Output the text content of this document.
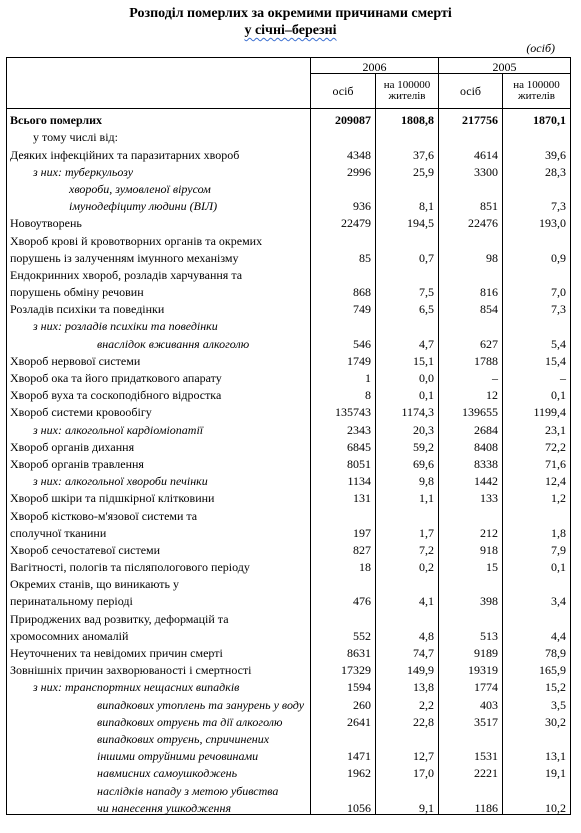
Розподіл померлих за окремими причинами смерті
у січні–березні
(осіб)
	2006		2005	
	осіб	на 100000 жителів	осіб	на 100000 жителів
Всього померлих	209087	1808,8	217756	1870,1
у тому числі від:				
Деяких інфекційних та паразитарних хвороб	4348	37,6	4614	39,6
з них: туберкульозу	2996	25,9	3300	28,3
хвороби, зумовленої вірусом				
імунодефіциту людини (ВІЛ)	936	8,1	851	7,3
Новоутворень	22479	194,5	22476	193,0
Хвороб крові й кровотворних органів та окремих				
порушень із залученням імунного механізму	85	0,7	98	0,9
Ендокринних хвороб, розладів харчування та				
порушень обміну речовин	868	7,5	816	7,0
Розладів психіки та поведінки	749	6,5	854	7,3
з них: розладів психіки та поведінки				
внаслідок вживання алкоголю	546	4,7	627	5,4
Хвороб нервової системи	1749	15,1	1788	15,4
Хвороб ока та його придаткового апарату	1	0,0	–	–
Хвороб вуха та соскоподібного відростка	8	0,1	12	0,1
Хвороб системи кровообігу	135743	1174,3	139655	1199,4
з них: алкогольної кардіоміопатії	2343	20,3	2684	23,1
Хвороб органів дихання	6845	59,2	8408	72,2
Хвороб органів травлення	8051	69,6	8338	71,6
з них: алкогольної хвороби печінки	1134	9,8	1442	12,4
Хвороб шкіри та підшкірної клітковини	131	1,1	133	1,2
Хвороб кістково-м'язової системи та				
сполучної тканини	197	1,7	212	1,8
Хвороб сечостатевої системи	827	7,2	918	7,9
Вагітності, пологів та післяпологового періоду	18	0,2	15	0,1
Окремих станів, що виникають у				
перинатальному періоді	476	4,1	398	3,4
Природжених вад розвитку, деформацій та				
хромосомних аномалій	552	4,8	513	4,4
Неуточнених та невідомих причин смерті	8631	74,7	9189	78,9
Зовнішніх причин захворюваності і смертності	17329	149,9	19319	165,9
з них: транспортних нещасних випадків	1594	13,8	1774	15,2
випадкових утоплень та занурень у воду	260	2,2	403	3,5
випадкових отруєнь та дії алкоголю	2641	22,8	3517	30,2
випадкових отруєнь, спричинених				
іншими отруйними речовинами	1471	12,7	1531	13,1
навмисних самоушкоджень	1962	17,0	2221	19,1
наслідків нападу з метою убивства				
чи нанесення ушкодження	1056	9,1	1186	10,2
